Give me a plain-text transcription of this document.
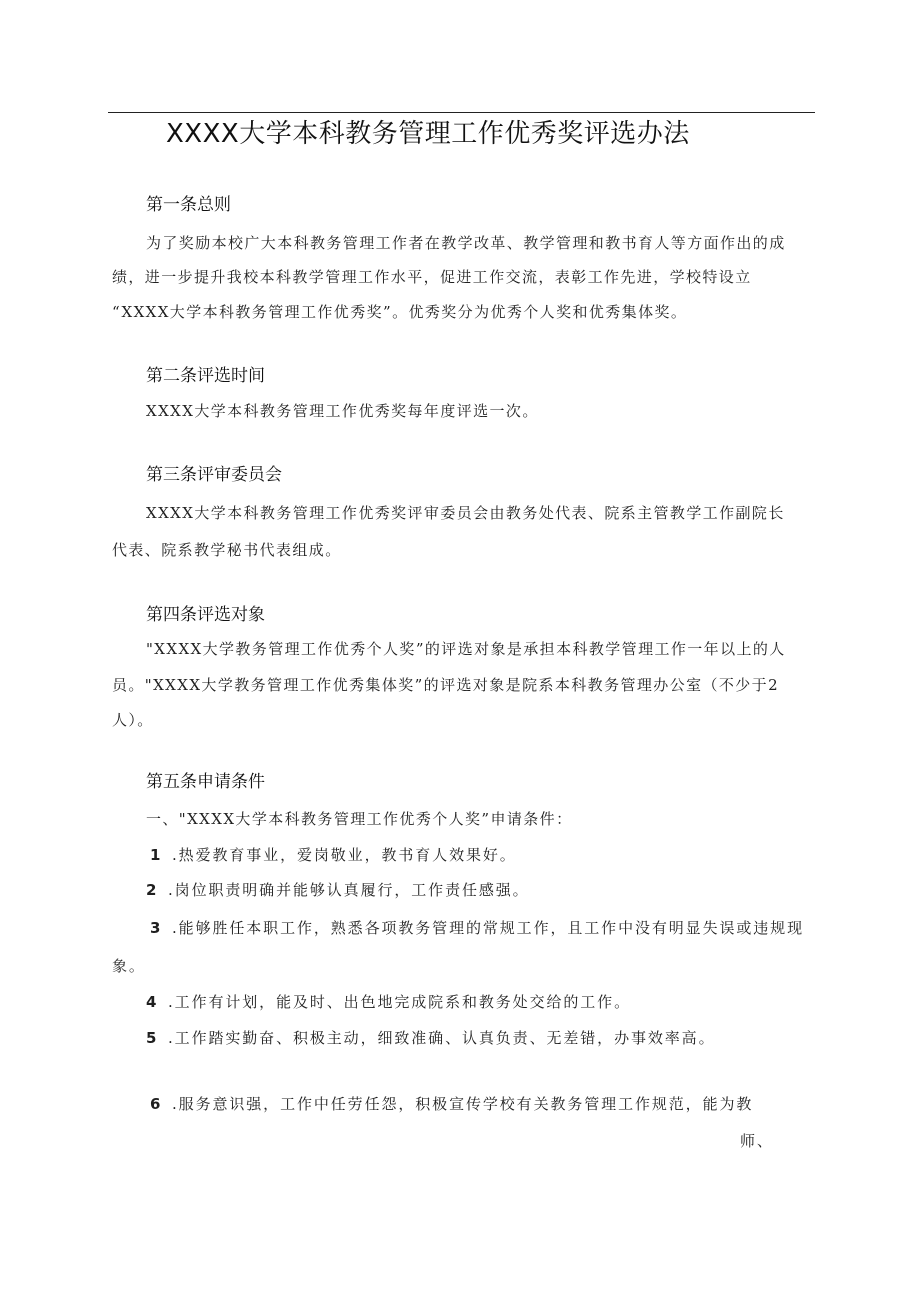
XXXX大学本科教务管理工作优秀奖评选办法
第一条总则
为了奖励本校广大本科教务管理工作者在教学改革、教学管理和教书育人等方面作出的成
绩，进一步提升我校本科教学管理工作水平，促进工作交流，表彰工作先进，学校特设立
“XXXX大学本科教务管理工作优秀奖”。优秀奖分为优秀个人奖和优秀集体奖。
第二条评选时间
XXXX大学本科教务管理工作优秀奖每年度评选一次。
第三条评审委员会
XXXX大学本科教务管理工作优秀奖评审委员会由教务处代表、院系主管教学工作副院长
代表、院系教学秘书代表组成。
第四条评选对象
"XXXX大学教务管理工作优秀个人奖”的评选对象是承担本科教学管理工作一年以上的人
员。"XXXX大学教务管理工作优秀集体奖”的评选对象是院系本科教务管理办公室（不少于2
人）。
第五条申请条件
一、"XXXX大学本科教务管理工作优秀个人奖”申请条件：
1 .热爱教育事业，爱岗敬业，教书育人效果好。
2 .岗位职责明确并能够认真履行，工作责任感强。
3 .能够胜任本职工作，熟悉各项教务管理的常规工作，且工作中没有明显失误或违规现
象。
4 .工作有计划，能及时、出色地完成院系和教务处交给的工作。
5 .工作踏实勤奋、积极主动，细致准确、认真负责、无差错，办事效率高。
6 .服务意识强，工作中任劳任怨，积极宣传学校有关教务管理工作规范，能为教
师、
